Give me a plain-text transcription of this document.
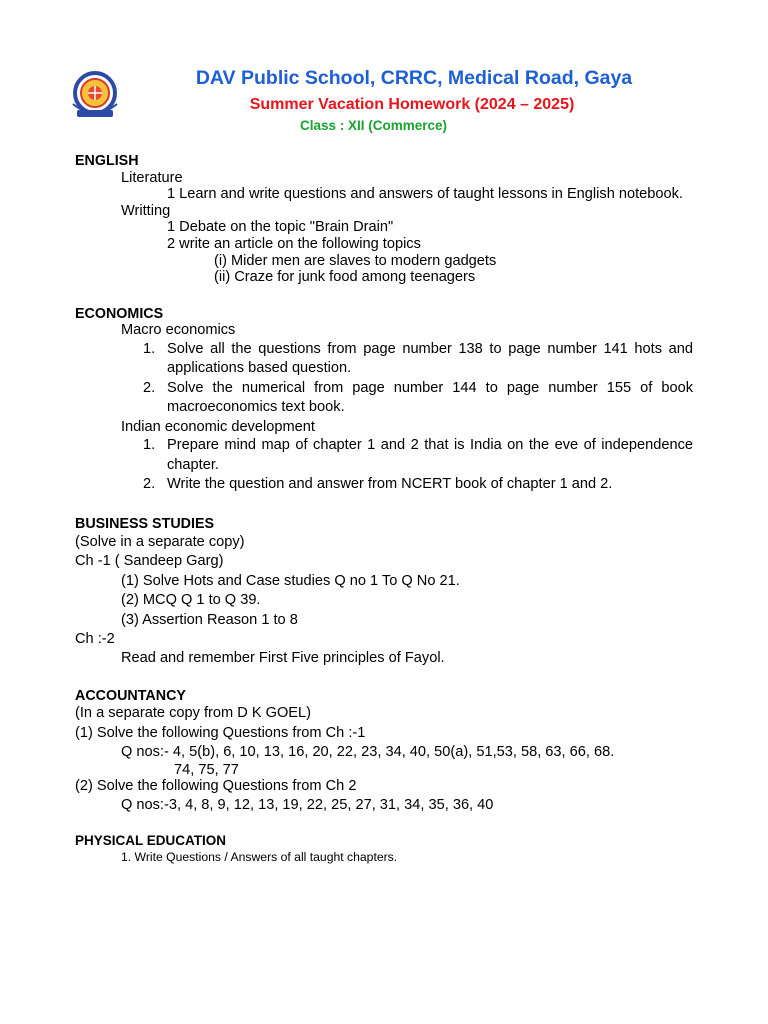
DAV Public School, CRRC, Medical Road, Gaya
Summer Vacation Homework (2024 – 2025)
Class : XII (Commerce)
ENGLISH
Literature
1 Learn and write questions and answers of taught lessons in English notebook.
Writting
1 Debate on the topic "Brain Drain"
2 write an article on the following topics
(i) Mider men are slaves to modern gadgets
(ii) Craze for junk food among teenagers
ECONOMICS
Macro economics
1. Solve all the questions from page number 138 to page number 141 hots and applications based question.
2. Solve the numerical from page number 144 to page number 155 of book macroeconomics text book.
Indian economic development
1. Prepare mind map of chapter 1 and 2 that is India on the eve of independence chapter.
2. Write the question and answer from NCERT book of chapter 1 and 2.
BUSINESS STUDIES
(Solve in a separate copy)
Ch -1 ( Sandeep Garg)
(1) Solve Hots and Case studies Q no 1 To Q No 21.
(2) MCQ Q 1 to Q 39.
(3) Assertion Reason 1 to 8
Ch :-2
Read and remember First Five principles of Fayol.
ACCOUNTANCY
(In a separate copy from D K GOEL)
(1) Solve the following Questions from Ch :-1
Q nos:- 4, 5(b), 6, 10, 13, 16, 20, 22, 23, 34, 40, 50(a), 51,53, 58, 63, 66, 68.
74, 75, 77
(2) Solve the following Questions from Ch 2
Q nos:-3, 4, 8, 9, 12, 13, 19, 22, 25, 27, 31, 34, 35, 36, 40
PHYSICAL EDUCATION
1. Write Questions / Answers of all taught chapters.
